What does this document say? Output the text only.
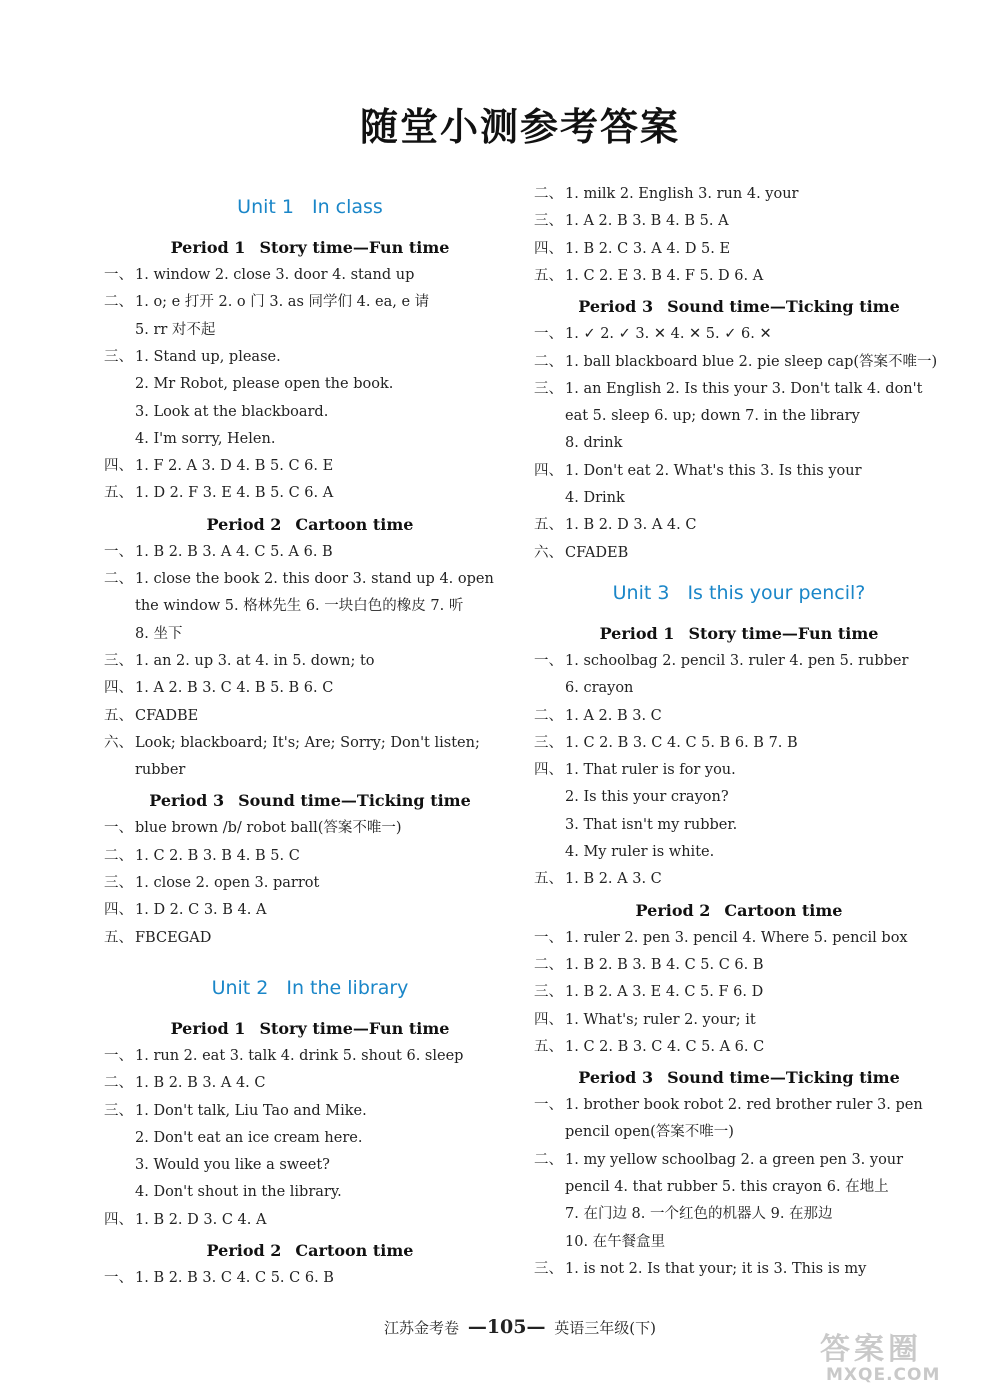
随堂小测参考答案
Unit 1 In class
Period 1 Story time—Fun time
一、 1. window 2. close 3. door 4. stand up
二、 1. o; e 打开 2. o 门 3. as 同学们 4. ea, e 请
5. rr 对不起
三、 1. Stand up, please.
2. Mr Robot, please open the book.
3. Look at the blackboard.
4. I'm sorry, Helen.
四、 1. F 2. A 3. D 4. B 5. C 6. E
五、 1. D 2. F 3. E 4. B 5. C 6. A
Period 2 Cartoon time
一、 1. B 2. B 3. A 4. C 5. A 6. B
二、 1. close the book 2. this door 3. stand up 4. open
the window 5. 格林先生 6. 一块白色的橡皮 7. 听
8. 坐下
三、 1. an 2. up 3. at 4. in 5. down; to
四、 1. A 2. B 3. C 4. B 5. B 6. C
五、 CFADBE
六、 Look; blackboard; It's; Are; Sorry; Don't listen;
rubber
Period 3 Sound time—Ticking time
一、 blue brown /b/ robot ball(答案不唯一)
二、 1. C 2. B 3. B 4. B 5. C
三、 1. close 2. open 3. parrot
四、 1. D 2. C 3. B 4. A
五、 FBCEGAD
Unit 2 In the library
Period 1 Story time—Fun time
一、 1. run 2. eat 3. talk 4. drink 5. shout 6. sleep
二、 1. B 2. B 3. A 4. C
三、 1. Don't talk, Liu Tao and Mike.
2. Don't eat an ice cream here.
3. Would you like a sweet?
4. Don't shout in the library.
四、 1. B 2. D 3. C 4. A
Period 2 Cartoon time
一、 1. B 2. B 3. C 4. C 5. C 6. B
二、 1. milk 2. English 3. run 4. your
三、 1. A 2. B 3. B 4. B 5. A
四、 1. B 2. C 3. A 4. D 5. E
五、 1. C 2. E 3. B 4. F 5. D 6. A
Period 3 Sound time—Ticking time
一、 1. ✓ 2. ✓ 3. ✕ 4. ✕ 5. ✓ 6. ✕
二、 1. ball blackboard blue 2. pie sleep cap(答案不唯一)
三、 1. an English 2. Is this your 3. Don't talk 4. don't
eat 5. sleep 6. up; down 7. in the library
8. drink
四、 1. Don't eat 2. What's this 3. Is this your
4. Drink
五、 1. B 2. D 3. A 4. C
六、 CFADEB
Unit 3 Is this your pencil?
Period 1 Story time—Fun time
一、 1. schoolbag 2. pencil 3. ruler 4. pen 5. rubber
6. crayon
二、 1. A 2. B 3. C
三、 1. C 2. B 3. C 4. C 5. B 6. B 7. B
四、 1. That ruler is for you.
2. Is this your crayon?
3. That isn't my rubber.
4. My ruler is white.
五、 1. B 2. A 3. C
Period 2 Cartoon time
一、 1. ruler 2. pen 3. pencil 4. Where 5. pencil box
二、 1. B 2. B 3. B 4. C 5. C 6. B
三、 1. B 2. A 3. E 4. C 5. F 6. D
四、 1. What's; ruler 2. your; it
五、 1. C 2. B 3. C 4. C 5. A 6. C
Period 3 Sound time—Ticking time
一、 1. brother book robot 2. red brother ruler 3. pen
pencil open(答案不唯一)
二、 1. my yellow schoolbag 2. a green pen 3. your
pencil 4. that rubber 5. this crayon 6. 在地上
7. 在门边 8. 一个红色的机器人 9. 在那边
10. 在午餐盒里
三、 1. is not 2. Is that your; it is 3. This is my
江苏金考卷 —105— 英语三年级(下)
答案圈
MXQE.COM
